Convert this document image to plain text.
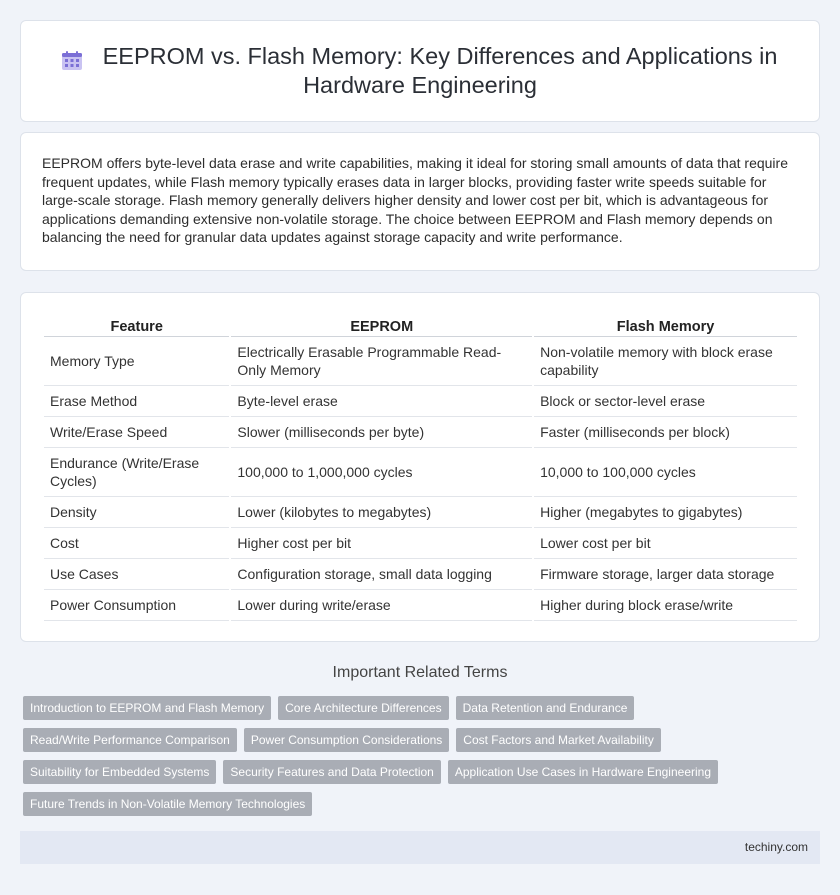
EEPROM vs. Flash Memory: Key Differences and Applications in Hardware Engineering

EEPROM offers byte-level data erase and write capabilities, making it ideal for storing small amounts of data that require frequent updates, while Flash memory typically erases data in larger blocks, providing faster write speeds suitable for large-scale storage. Flash memory generally delivers higher density and lower cost per bit, which is advantageous for applications demanding extensive non-volatile storage. The choice between EEPROM and Flash memory depends on balancing the need for granular data updates against storage capacity and write performance.

Feature	EEPROM	Flash Memory
Memory Type	Electrically Erasable Programmable Read-Only Memory	Non-volatile memory with block erase capability
Erase Method	Byte-level erase	Block or sector-level erase
Write/Erase Speed	Slower (milliseconds per byte)	Faster (milliseconds per block)
Endurance (Write/Erase Cycles)	100,000 to 1,000,000 cycles	10,000 to 100,000 cycles
Density	Lower (kilobytes to megabytes)	Higher (megabytes to gigabytes)
Cost	Higher cost per bit	Lower cost per bit
Use Cases	Configuration storage, small data logging	Firmware storage, larger data storage
Power Consumption	Lower during write/erase	Higher during block erase/write
Important Related Terms
Introduction to EEPROM and Flash Memory	Core Architecture Differences	Data Retention and Endurance
Read/Write Performance Comparison	Power Consumption Considerations	Cost Factors and Market Availability
Suitability for Embedded Systems	Security Features and Data Protection	Application Use Cases in Hardware Engineering
Future Trends in Non-Volatile Memory Technologies
techiny.com
